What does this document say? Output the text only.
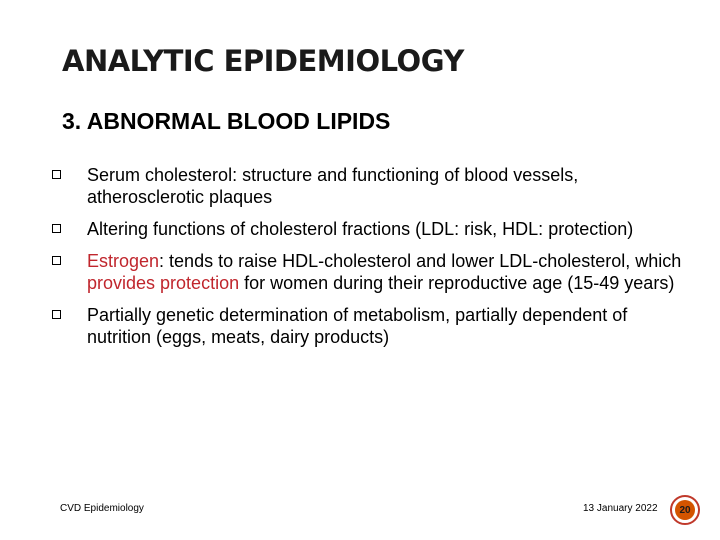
ANALYTIC EPIDEMIOLOGY
3. ABNORMAL BLOOD LIPIDS
Serum cholesterol: structure and functioning of blood vessels, atherosclerotic plaques
Altering functions of cholesterol fractions (LDL: risk, HDL: protection)
Estrogen: tends to raise HDL-cholesterol and lower LDL-cholesterol, which provides protection for women during their reproductive age (15-49 years)
Partially genetic determination of metabolism, partially dependent of nutrition (eggs, meats, dairy products)
CVD Epidemiology	13 January 2022	20
